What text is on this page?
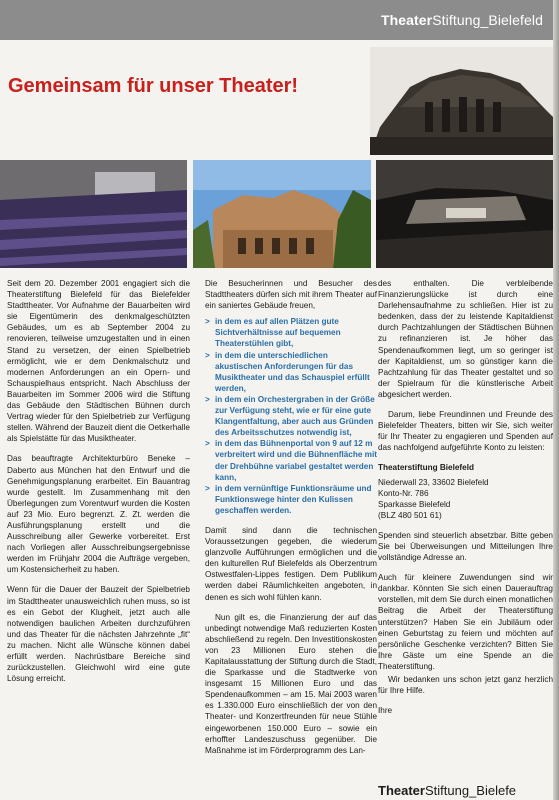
TheaterStiftung_Bielefeld
Gemeinsam für unser Theater!

Seit dem 20. Dezember 2001 engagiert sich die Theaterstiftung Bielefeld für das Bielefelder Stadttheater. Vor Aufnahme der Bauarbeiten wird sie Eigentümerin des denkmalgeschützten Gebäudes, um es ab September 2004 zu renovieren, teilweise umzugestalten und in einen Stand zu versetzen, der einen Spielbetrieb ermöglicht, wie er dem Denkmalschutz und modernen Anforderungen an ein Opern- und Schauspielhaus entspricht. Nach Abschluss der Bauarbeiten im Sommer 2006 wird die Stiftung das Gebäude den Städtischen Bühnen durch Vertrag wieder für den Spielbetrieb zur Verfügung stellen. Während der Bauzeit dient die Oetkerhalle als Spielstätte für das Musiktheater.

Das beauftragte Architekturbüro Beneke – Daberto aus München hat den Entwurf und die Genehmigungsplanung erarbeitet. Ein Bauantrag wurde gestellt. Im Zusammenhang mit den Überlegungen zum Vorentwurf wurden die Kosten auf 23 Mio. Euro begrenzt. Z. Zt. werden die Ausführungsplanung erstellt und die Ausschreibung aller Gewerke vorbereitet. Erst nach Vorliegen aller Ausschreibungsergebnisse werden im Frühjahr 2004 die Aufträge vergeben, um Kostensicherheit zu haben.

Wenn für die Dauer der Bauzeit der Spielbetrieb im Stadttheater unausweichlich ruhen muss, so ist es ein Gebot der Klugheit, jetzt auch alle notwendigen baulichen Arbeiten durchzuführen und das Theater für die nächsten Jahrzehnte „fit“ zu machen. Nicht alle Wünsche können dabei erfüllt werden. Nachrüstbare Bereiche sind zurückzustellen. Gleichwohl wird eine gute Lösung erreicht.

Die Besucherinnen und Besucher des Stadttheaters dürfen sich mit ihrem Theater auf ein saniertes Gebäude freuen,

> in dem es auf allen Plätzen gute Sichtverhältnisse auf bequemen Theaterstühlen gibt,
> in dem die unterschiedlichen akustischen Anforderungen für das Musiktheater und das Schauspiel erfüllt werden,
> in dem ein Orchestergraben in der Größe zur Verfügung steht, wie er für eine gute Klangentfaltung, aber auch aus Gründen des Arbeitsschutzes notwendig ist,
> in dem das Bühnenportal von 9 auf 12 m verbreitert wird und die Bühnenfläche mit der Drehbühne variabel gestaltet werden kann,
> in dem vernünftige Funktionsräume und Funktionswege hinter den Kulissen geschaffen werden.

Damit sind dann die technischen Voraussetzungen gegeben, die wiederum glanzvolle Aufführungen ermöglichen und die den kulturellen Ruf Bielefelds als Oberzentrum Ostwestfalen-Lippes festigen. Dem Publikum werden dabei Räumlichkeiten angeboten, in denen es sich wohl fühlen kann.

Nun gilt es, die Finanzierung der auf das unbedingt notwendige Maß reduzierten Kosten abschließend zu regeln. Den Investitionskosten von 23 Millionen Euro stehen die Kapitalausstattung der Stiftung durch die Stadt, die Sparkasse und die Stadtwerke von insgesamt 15 Millionen Euro und das Spendenaufkommen – am 15. Mai 2003 waren es 1.330.000 Euro einschließlich der von den Theater- und Konzertfreunden für neue Stühle eingeworbenen 150.000 Euro – sowie ein erhoffter Landeszuschuss gegenüber. Die Maßnahme ist im Förderprogramm des Lan-

des enthalten. Die verbleibende Finanzierungslücke ist durch eine Darlehensaufnahme zu schließen. Hier ist zu bedenken, dass der zu leistende Kapitaldienst durch Pachtzahlungen der Städtischen Bühnen zu refinanzieren ist. Je höher das Spendenaufkommen liegt, um so geringer ist der Kapitaldienst, um so günstiger kann die Pachtzahlung für das Theater gestaltet und so der Spielraum für die künstlerische Arbeit abgesichert werden.

Darum, liebe Freundinnen und Freunde des Bielefelder Theaters, bitten wir Sie, sich weiter für Ihr Theater zu engagieren und Spenden auf das nachfolgend aufgeführte Konto zu leisten:

Theaterstiftung Bielefeld
Niederwall 23, 33602 Bielefeld
Konto-Nr. 786
Sparkasse Bielefeld
(BLZ 480 501 61)

Spenden sind steuerlich absetzbar. Bitte geben Sie bei Überweisungen und Mitteilungen Ihre vollständige Adresse an.

Auch für kleinere Zuwendungen sind wir dankbar. Könnten Sie sich einen Dauerauftrag vorstellen, mit dem Sie durch einen monatlichen Beitrag die Arbeit der Theaterstiftung unterstützen? Haben Sie ein Jubiläum oder einen Geburtstag zu feiern und möchten auf persönliche Geschenke verzichten? Bitten Sie Ihre Gäste um eine Spende an die Theaterstiftung.

Wir bedanken uns schon jetzt ganz herzlich für Ihre Hilfe.

Ihre

TheaterStiftung_Bielefe
